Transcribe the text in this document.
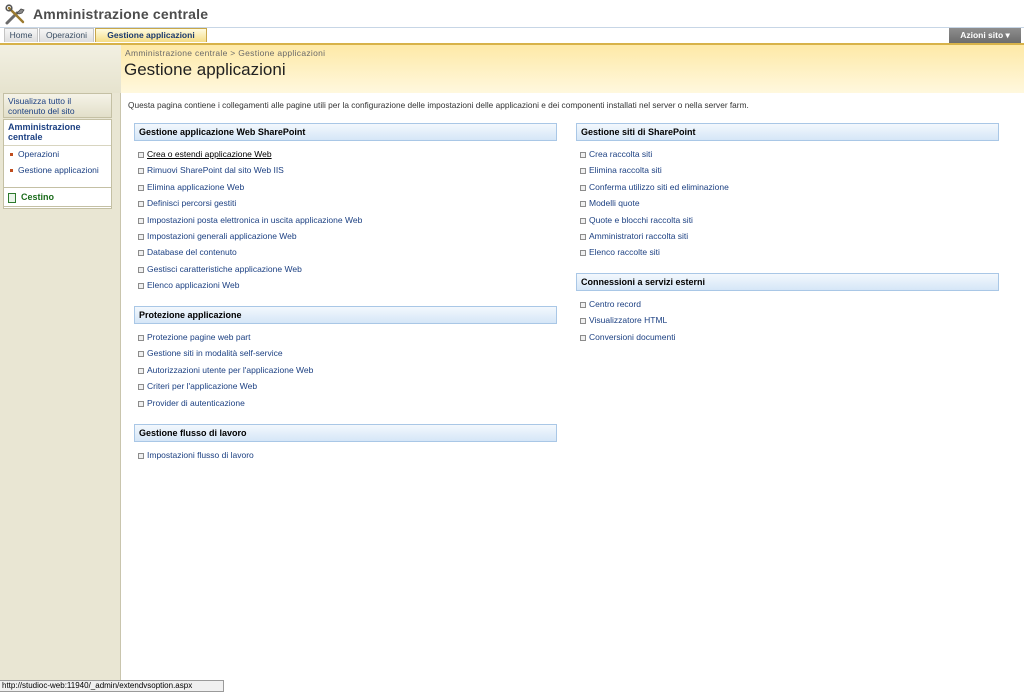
Amministrazione centrale
Home	Operazioni	Gestione applicazioni	Azioni sito ▾
Amministrazione centrale > Gestione applicazioni
Gestione applicazioni
Visualizza tutto il contenuto del sito
Amministrazione centrale
Operazioni
Gestione applicazioni
Cestino
Questa pagina contiene i collegamenti alle pagine utili per la configurazione delle impostazioni delle applicazioni e dei componenti installati nel server o nella server farm.
Gestione applicazione Web SharePoint
Crea o estendi applicazione Web
Rimuovi SharePoint dal sito Web IIS
Elimina applicazione Web
Definisci percorsi gestiti
Impostazioni posta elettronica in uscita applicazione Web
Impostazioni generali applicazione Web
Database del contenuto
Gestisci caratteristiche applicazione Web
Elenco applicazioni Web
Protezione applicazione
Protezione pagine web part
Gestione siti in modalità self-service
Autorizzazioni utente per l'applicazione Web
Criteri per l'applicazione Web
Provider di autenticazione
Gestione flusso di lavoro
Impostazioni flusso di lavoro
Gestione siti di SharePoint
Crea raccolta siti
Elimina raccolta siti
Conferma utilizzo siti ed eliminazione
Modelli quote
Quote e blocchi raccolta siti
Amministratori raccolta siti
Elenco raccolte siti
Connessioni a servizi esterni
Centro record
Visualizzatore HTML
Conversioni documenti
http://studioc-web:11940/_admin/extendvsoption.aspx
